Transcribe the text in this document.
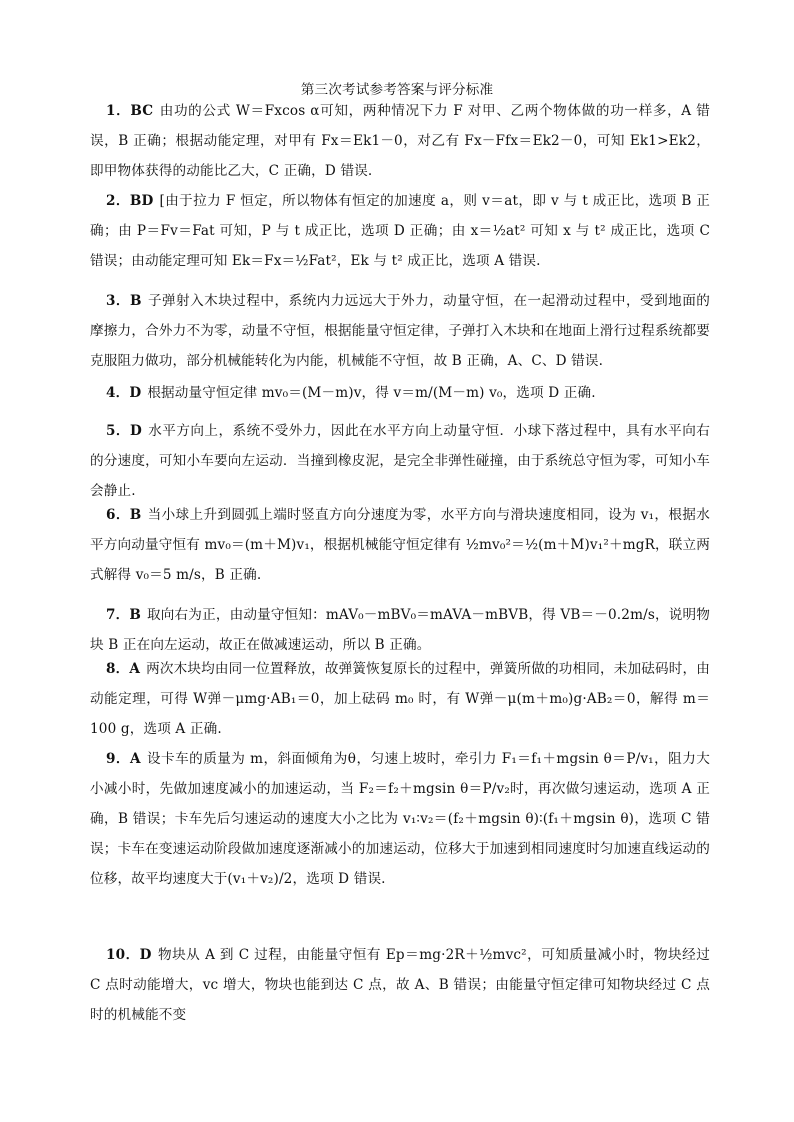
第三次考试参考答案与评分标准
1．BC 由功的公式 W＝Fxcos α可知，两种情况下力 F 对甲、乙两个物体做的功一样多，A 错误，B 正确；根据动能定理，对甲有 Fx＝Ek1－0，对乙有 Fx－Ffx＝Ek2－0，可知 Ek1>Ek2，即甲物体获得的动能比乙大，C 正确，D 错误.
2．BD [由于拉力 F 恒定，所以物体有恒定的加速度 a，则 v＝at，即 v 与 t 成正比，选项 B 正确；由 P＝Fv＝Fat 可知，P 与 t 成正比，选项 D 正确；由 x＝½at² 可知 x 与 t² 成正比，选项 C 错误；由动能定理可知 Ek＝Fx＝½Fat²，Ek 与 t² 成正比，选项 A 错误.
3．B 子弹射入木块过程中，系统内力远远大于外力，动量守恒，在一起滑动过程中，受到地面的摩擦力，合外力不为零，动量不守恒，根据能量守恒定律，子弹打入木块和在地面上滑行过程系统都要克服阻力做功，部分机械能转化为内能，机械能不守恒，故 B 正确，A、C、D 错误.
4．D 根据动量守恒定律 mv₀＝(M－m)v，得 v＝m/(M－m) v₀，选项 D 正确.
5．D 水平方向上，系统不受外力，因此在水平方向上动量守恒．小球下落过程中，具有水平向右的分速度，可知小车要向左运动．当撞到橡皮泥，是完全非弹性碰撞，由于系统总守恒为零，可知小车会静止.
6．B 当小球上升到圆弧上端时竖直方向分速度为零，水平方向与滑块速度相同，设为 v₁，根据水平方向动量守恒有 mv₀＝(m＋M)v₁，根据机械能守恒定律有 ½mv₀²＝½(m＋M)v₁²＋mgR，联立两式解得 v₀＝5 m/s，B 正确.
7．B 取向右为正，由动量守恒知：mAV₀－mBV₀＝mAVA－mBVB，得 VB＝－0.2m/s，说明物块 B 正在向左运动，故正在做减速运动，所以 B 正确。
8．A 两次木块均由同一位置释放，故弹簧恢复原长的过程中，弹簧所做的功相同，未加砝码时，由动能定理，可得 W弹－μmg·AB₁＝0，加上砝码 m₀ 时，有 W弹－μ(m＋m₀)g·AB₂＝0，解得 m＝100 g，选项 A 正确.
9．A 设卡车的质量为 m，斜面倾角为θ，匀速上坡时，牵引力 F₁＝f₁＋mgsin θ＝P/v₁，阻力大小减小时，先做加速度减小的加速运动，当 F₂＝f₂＋mgsin θ＝P/v₂时，再次做匀速运动，选项 A 正确，B 错误；卡车先后匀速运动的速度大小之比为 v₁∶v₂＝(f₂＋mgsin θ)∶(f₁＋mgsin θ)，选项 C 错误；卡车在变速运动阶段做加速度逐渐减小的加速运动，位移大于加速到相同速度时匀加速直线运动的位移，故平均速度大于(v₁＋v₂)/2，选项 D 错误.
10．D 物块从 A 到 C 过程，由能量守恒有 Ep＝mg·2R＋½mvc²，可知质量减小时，物块经过 C 点时动能增大，vc 增大，物块也能到达 C 点，故 A、B 错误；由能量守恒定律可知物块经过 C 点时的机械能不变
